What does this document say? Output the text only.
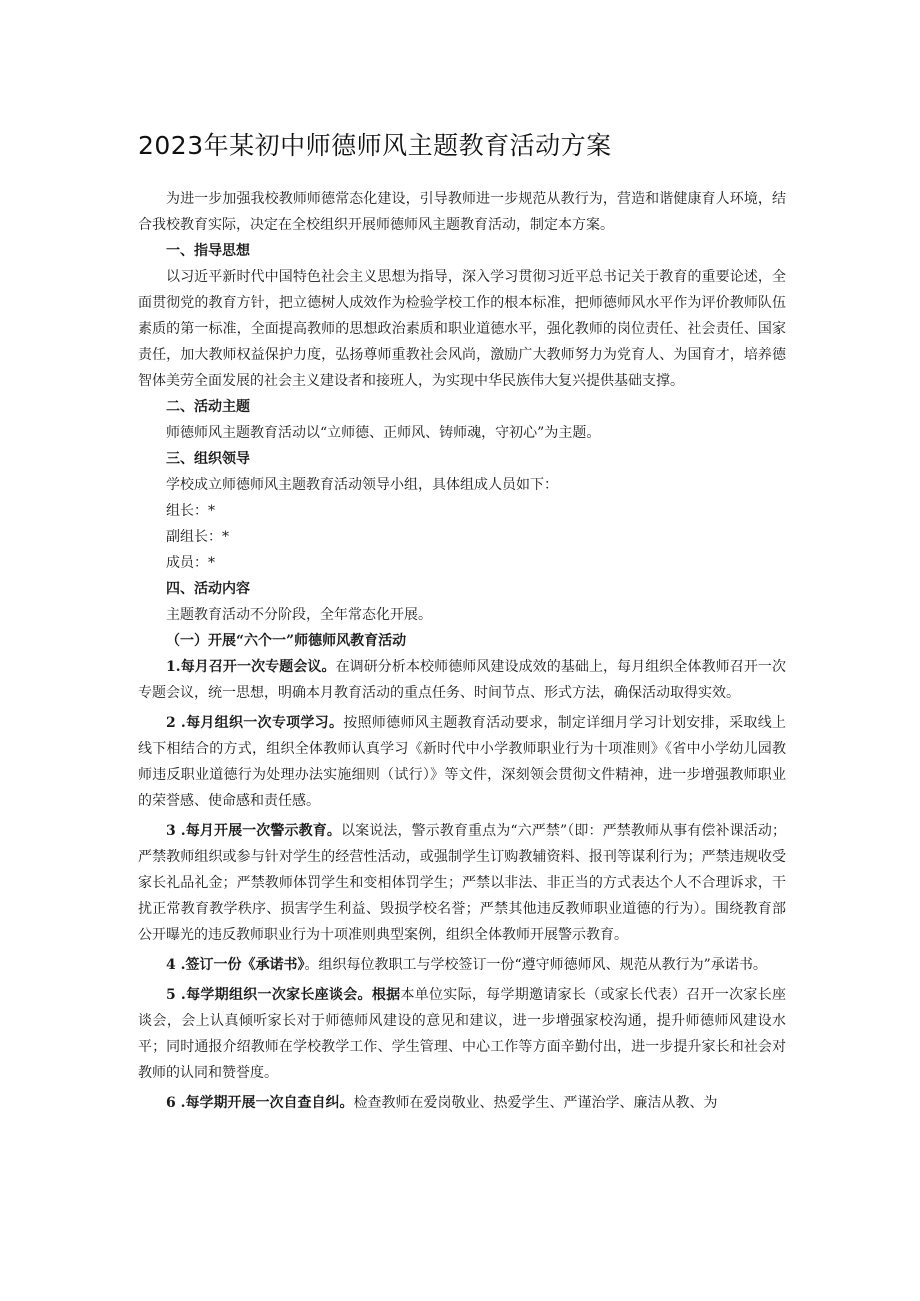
2023年某初中师德师风主题教育活动方案

为进一步加强我校教师师德常态化建设，引导教师进一步规范从教行为，营造和谐健康育人环境，结合我校教育实际，决定在全校组织开展师德师风主题教育活动，制定本方案。

一、指导思想

以习近平新时代中国特色社会主义思想为指导，深入学习贯彻习近平总书记关于教育的重要论述，全面贯彻党的教育方针，把立德树人成效作为检验学校工作的根本标准，把师德师风水平作为评价教师队伍素质的第一标准，全面提高教师的思想政治素质和职业道德水平，强化教师的岗位责任、社会责任、国家责任，加大教师权益保护力度，弘扬尊师重教社会风尚，激励广大教师努力为党育人、为国育才，培养德智体美劳全面发展的社会主义建设者和接班人，为实现中华民族伟大复兴提供基础支撑。

二、活动主题

师德师风主题教育活动以“立师德、正师风、铸师魂，守初心”为主题。

三、组织领导

学校成立师德师风主题教育活动领导小组，具体组成人员如下：

组长：*

副组长：*

成员：*

四、活动内容

主题教育活动不分阶段，全年常态化开展。

（一）开展“六个一”师德师风教育活动

1.每月召开一次专题会议。在调研分析本校师德师风建设成效的基础上，每月组织全体教师召开一次专题会议，统一思想，明确本月教育活动的重点任务、时间节点、形式方法，确保活动取得实效。

2 .每月组织一次专项学习。按照师德师风主题教育活动要求，制定详细月学习计划安排，采取线上线下相结合的方式，组织全体教师认真学习《新时代中小学教师职业行为十项准则》《省中小学幼儿园教师违反职业道德行为处理办法实施细则（试行）》等文件，深刻领会贯彻文件精神，进一步增强教师职业的荣誉感、使命感和责任感。

3 .每月开展一次警示教育。以案说法，警示教育重点为“六严禁”（即：严禁教师从事有偿补课活动；严禁教师组织或参与针对学生的经营性活动，或强制学生订购教辅资料、报刊等谋利行为；严禁违规收受家长礼品礼金；严禁教师体罚学生和变相体罚学生；严禁以非法、非正当的方式表达个人不合理诉求，干扰正常教育教学秩序、损害学生利益、毁损学校名誉；严禁其他违反教师职业道德的行为）。围绕教育部公开曝光的违反教师职业行为十项准则典型案例，组织全体教师开展警示教育。

4 .签订一份《承诺书》。组织每位教职工与学校签订一份“遵守师德师风、规范从教行为”承诺书。

5 .每学期组织一次家长座谈会。根据本单位实际，每学期邀请家长（或家长代表）召开一次家长座谈会，会上认真倾听家长对于师德师风建设的意见和建议，进一步增强家校沟通，提升师德师风建设水平；同时通报介绍教师在学校教学工作、学生管理、中心工作等方面辛勤付出，进一步提升家长和社会对教师的认同和赞誉度。

6 .每学期开展一次自查自纠。检查教师在爱岗敬业、热爱学生、严谨治学、廉洁从教、为
